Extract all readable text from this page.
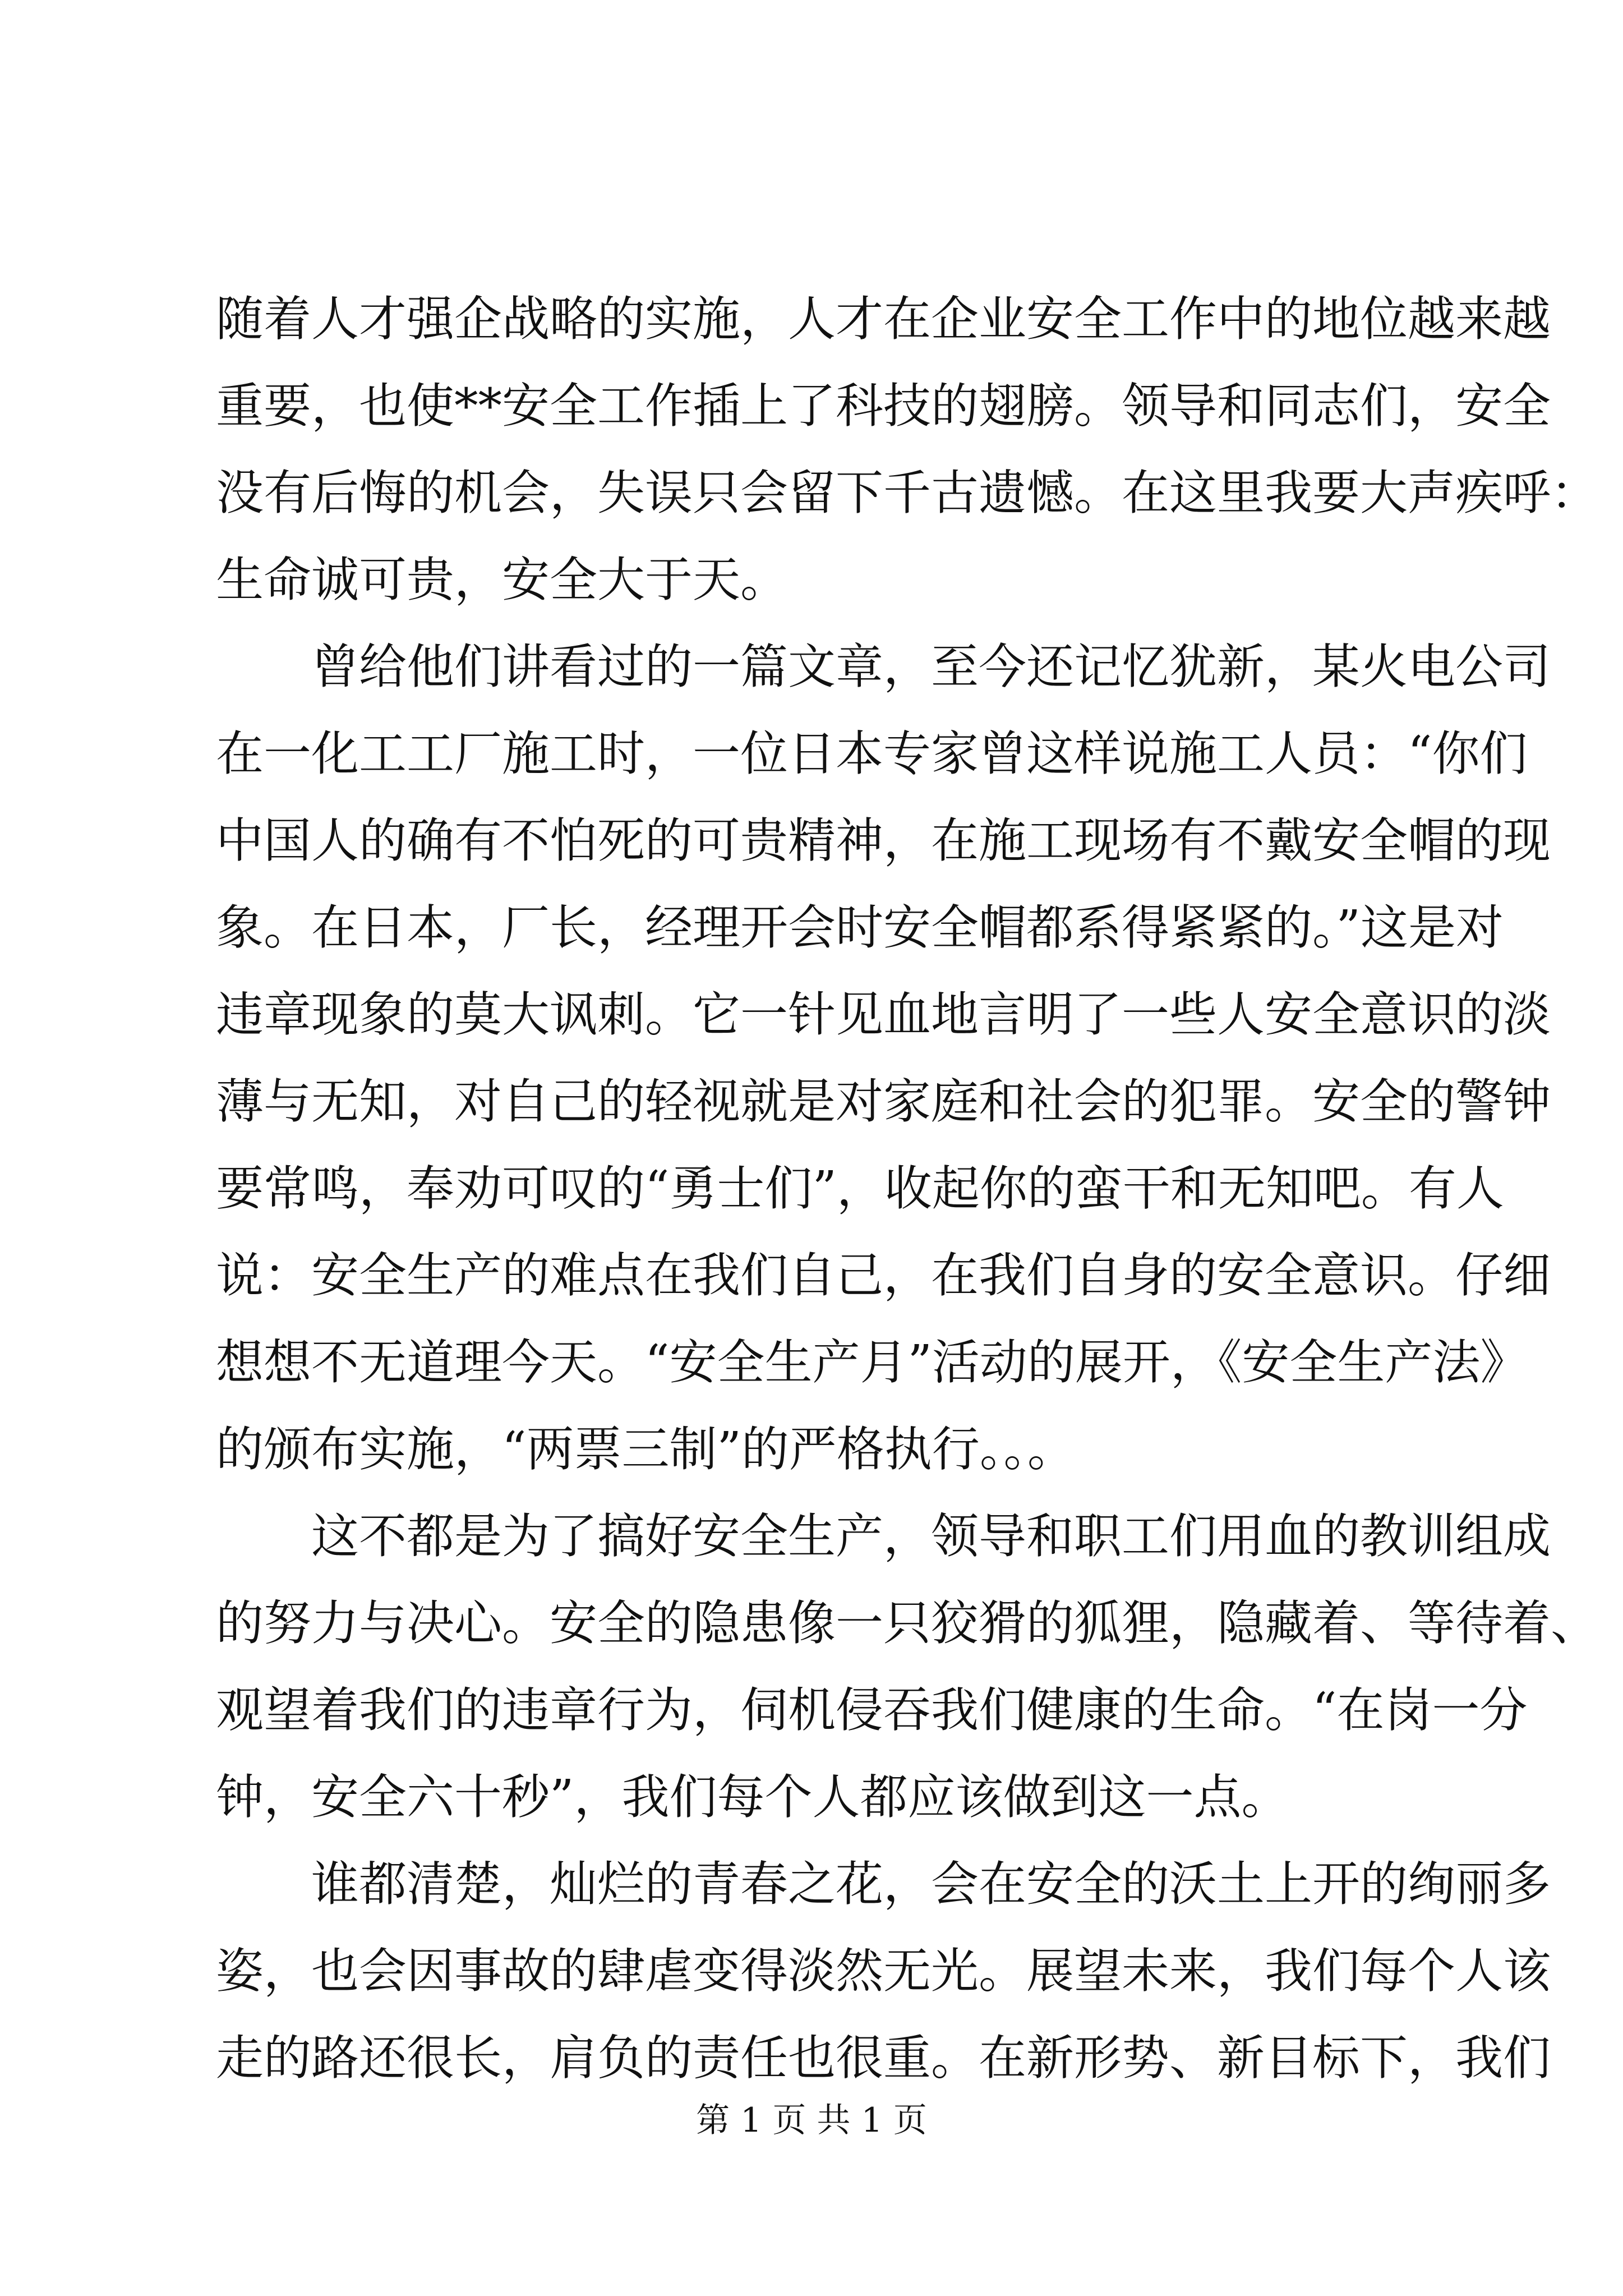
随着人才强企战略的实施，人才在企业安全工作中的地位越来越
重要，也使**安全工作插上了科技的翅膀。领导和同志们，安全
没有后悔的机会，失误只会留下千古遗憾。在这里我要大声疾呼：
生命诚可贵，安全大于天。
曾给他们讲看过的一篇文章，至今还记忆犹新，某火电公司
在一化工工厂施工时，一位日本专家曾这样说施工人员：“你们
中国人的确有不怕死的可贵精神，在施工现场有不戴安全帽的现
象。在日本，厂长，经理开会时安全帽都系得紧紧的。”这是对
违章现象的莫大讽刺。它一针见血地言明了一些人安全意识的淡
薄与无知，对自己的轻视就是对家庭和社会的犯罪。安全的警钟
要常鸣，奉劝可叹的“勇士们”，收起你的蛮干和无知吧。有人
说：安全生产的难点在我们自己，在我们自身的安全意识。仔细
想想不无道理今天。“安全生产月”活动的展开，《安全生产法》
的颁布实施，“两票三制”的严格执行。。。
这不都是为了搞好安全生产，领导和职工们用血的教训组成
的努力与决心。安全的隐患像一只狡猾的狐狸，隐藏着、等待着、
观望着我们的违章行为，伺机侵吞我们健康的生命。“在岗一分
钟，安全六十秒”，我们每个人都应该做到这一点。
谁都清楚，灿烂的青春之花，会在安全的沃土上开的绚丽多
姿，也会因事故的肆虐变得淡然无光。展望未来，我们每个人该
走的路还很长，肩负的责任也很重。在新形势、新目标下，我们
第 1 页 共 1 页
